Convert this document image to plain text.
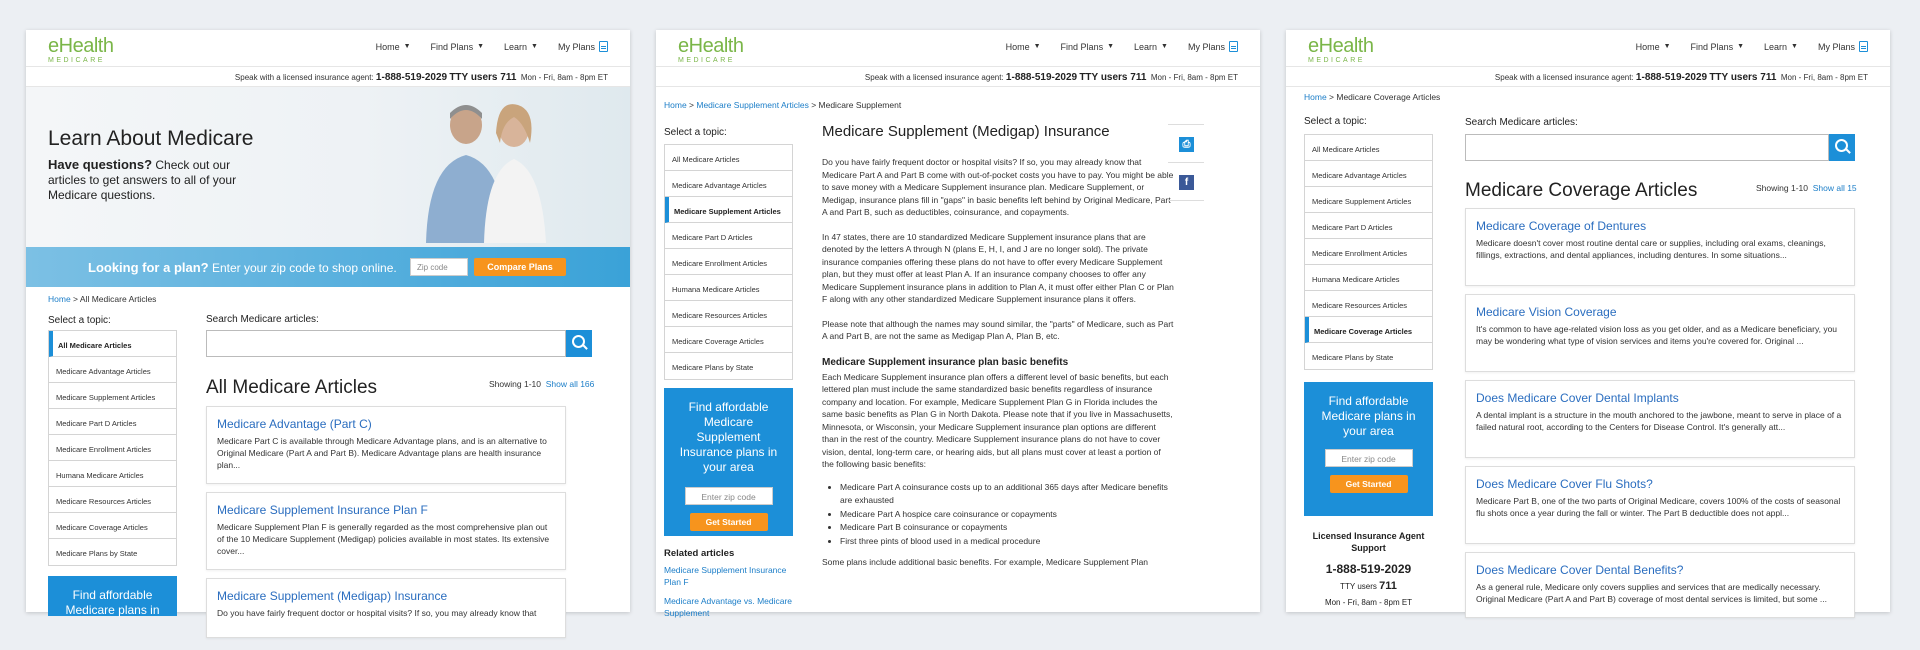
eHealth
MEDICARE
Home ▼ Find Plans ▼ Learn ▼ My Plans
Speak with a licensed insurance agent: 1-888-519-2029 TTY users 711 Mon - Fri, 8am - 8pm ET
Learn About Medicare
Have questions? Check out our articles to get answers to all of your Medicare questions.
Looking for a plan? Enter your zip code to shop online.	Zip code	Compare Plans
Home > All Medicare Articles
Select a topic:
All Medicare Articles
Medicare Advantage Articles
Medicare Supplement Articles
Medicare Part D Articles
Medicare Enrollment Articles
Humana Medicare Articles
Medicare Resources Articles
Medicare Coverage Articles
Medicare Plans by State
Find affordable Medicare plans in
Search Medicare articles:
All Medicare Articles	Showing 1-10 Show all 166
Medicare Advantage (Part C)
Medicare Part C is available through Medicare Advantage plans, and is an alternative to Original Medicare (Part A and Part B). Medicare Advantage plans are health insurance plan...
Medicare Supplement Insurance Plan F
Medicare Supplement Plan F is generally regarded as the most comprehensive plan out of the 10 Medicare Supplement (Medigap) policies available in most states. Its extensive cover...
Medicare Supplement (Medigap) Insurance
Do you have fairly frequent doctor or hospital visits? If so, you may already know that
eHealth
MEDICARE
Home ▼ Find Plans ▼ Learn ▼ My Plans
Speak with a licensed insurance agent: 1-888-519-2029 TTY users 711 Mon - Fri, 8am - 8pm ET
Home > Medicare Supplement Articles > Medicare Supplement
Select a topic:
All Medicare Articles
Medicare Advantage Articles
Medicare Supplement Articles
Medicare Part D Articles
Medicare Enrollment Articles
Humana Medicare Articles
Medicare Resources Articles
Medicare Coverage Articles
Medicare Plans by State
Find affordable Medicare Supplement Insurance plans in your area
Enter zip code
Get Started
Related articles
Medicare Supplement Insurance Plan F
Medicare Advantage vs. Medicare Supplement
Medicare Supplement (Medigap) Insurance

Do you have fairly frequent doctor or hospital visits? If so, you may already know that Medicare Part A and Part B come with out-of-pocket costs you have to pay. You might be able to save money with a Medicare Supplement insurance plan. Medicare Supplement, or Medigap, insurance plans fill in "gaps" in basic benefits left behind by Original Medicare, Part A and Part B, such as deductibles, coinsurance, and copayments.

In 47 states, there are 10 standardized Medicare Supplement insurance plans that are denoted by the letters A through N (plans E, H, I, and J are no longer sold). The private insurance companies offering these plans do not have to offer every Medicare Supplement plan, but they must offer at least Plan A. If an insurance company chooses to offer any Medicare Supplement insurance plans in addition to Plan A, it must offer either Plan C or Plan F along with any other standardized Medicare Supplement insurance plans it offers.

Please note that although the names may sound similar, the "parts" of Medicare, such as Part A and Part B, are not the same as Medigap Plan A, Plan B, etc.

Medicare Supplement insurance plan basic benefits

Each Medicare Supplement insurance plan offers a different level of basic benefits, but each lettered plan must include the same standardized basic benefits regardless of insurance company and location. For example, Medicare Supplement Plan G in Florida includes the same basic benefits as Plan G in North Dakota. Please note that if you live in Massachusetts, Minnesota, or Wisconsin, your Medicare Supplement insurance plan options are different than in the rest of the country. Medicare Supplement insurance plans do not have to cover vision, dental, long-term care, or hearing aids, but all plans must cover at least a portion of the following basic benefits:

• Medicare Part A coinsurance costs up to an additional 365 days after Medicare benefits are exhausted
• Medicare Part A hospice care coinsurance or copayments
• Medicare Part B coinsurance or copayments
• First three pints of blood used in a medical procedure

Some plans include additional basic benefits. For example, Medicare Supplement Plan

⎙
f
eHealth
MEDICARE
Home ▼ Find Plans ▼ Learn ▼ My Plans
Speak with a licensed insurance agent: 1-888-519-2029 TTY users 711 Mon - Fri, 8am - 8pm ET
Home > Medicare Coverage Articles
Select a topic:
All Medicare Articles
Medicare Advantage Articles
Medicare Supplement Articles
Medicare Part D Articles
Medicare Enrollment Articles
Humana Medicare Articles
Medicare Resources Articles
Medicare Coverage Articles
Medicare Plans by State
Find affordable Medicare plans in your area
Enter zip code
Get Started
Licensed Insurance Agent Support
1-888-519-2029
TTY users 711
Mon - Fri, 8am - 8pm ET
Search Medicare articles:
Medicare Coverage Articles	Showing 1-10 Show all 15
Medicare Coverage of Dentures
Medicare doesn't cover most routine dental care or supplies, including oral exams, cleanings, fillings, extractions, and dental appliances, including dentures. In some situations...
Medicare Vision Coverage
It's common to have age-related vision loss as you get older, and as a Medicare beneficiary, you may be wondering what type of vision services and items you're covered for. Original ...
Does Medicare Cover Dental Implants
A dental implant is a structure in the mouth anchored to the jawbone, meant to serve in place of a failed natural root, according to the Centers for Disease Control. It's generally att...
Does Medicare Cover Flu Shots?
Medicare Part B, one of the two parts of Original Medicare, covers 100% of the costs of seasonal flu shots once a year during the fall or winter. The Part B deductible does not appl...
Does Medicare Cover Dental Benefits?
As a general rule, Medicare only covers supplies and services that are medically necessary. Original Medicare (Part A and Part B) coverage of most dental services is limited, but some ...
